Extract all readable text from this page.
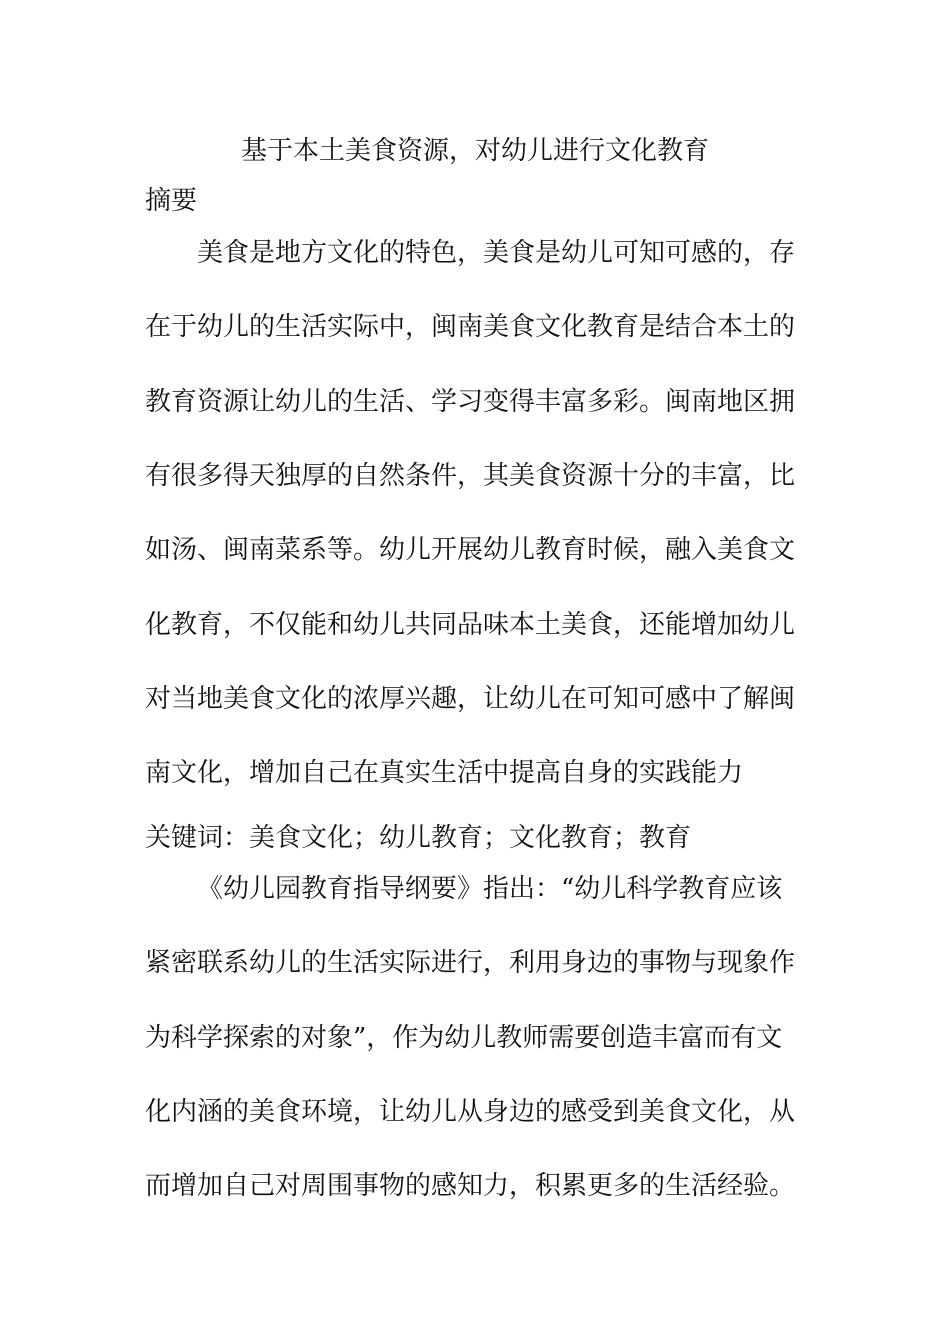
基于本土美食资源，对幼儿进行文化教育
摘要
美食是地方文化的特色，美食是幼儿可知可感的，存
在于幼儿的生活实际中，闽南美食文化教育是结合本土的
教育资源让幼儿的生活、学习变得丰富多彩。闽南地区拥
有很多得天独厚的自然条件，其美食资源十分的丰富，比
如汤、闽南菜系等。幼儿开展幼儿教育时候，融入美食文
化教育，不仅能和幼儿共同品味本土美食，还能增加幼儿
对当地美食文化的浓厚兴趣，让幼儿在可知可感中了解闽
南文化，增加自己在真实生活中提高自身的实践能力
关键词：美食文化；幼儿教育；文化教育；教育
《幼儿园教育指导纲要》指出：“幼儿科学教育应该
紧密联系幼儿的生活实际进行，利用身边的事物与现象作
为科学探索的对象”，作为幼儿教师需要创造丰富而有文
化内涵的美食环境，让幼儿从身边的感受到美食文化，从
而增加自己对周围事物的感知力，积累更多的生活经验。
